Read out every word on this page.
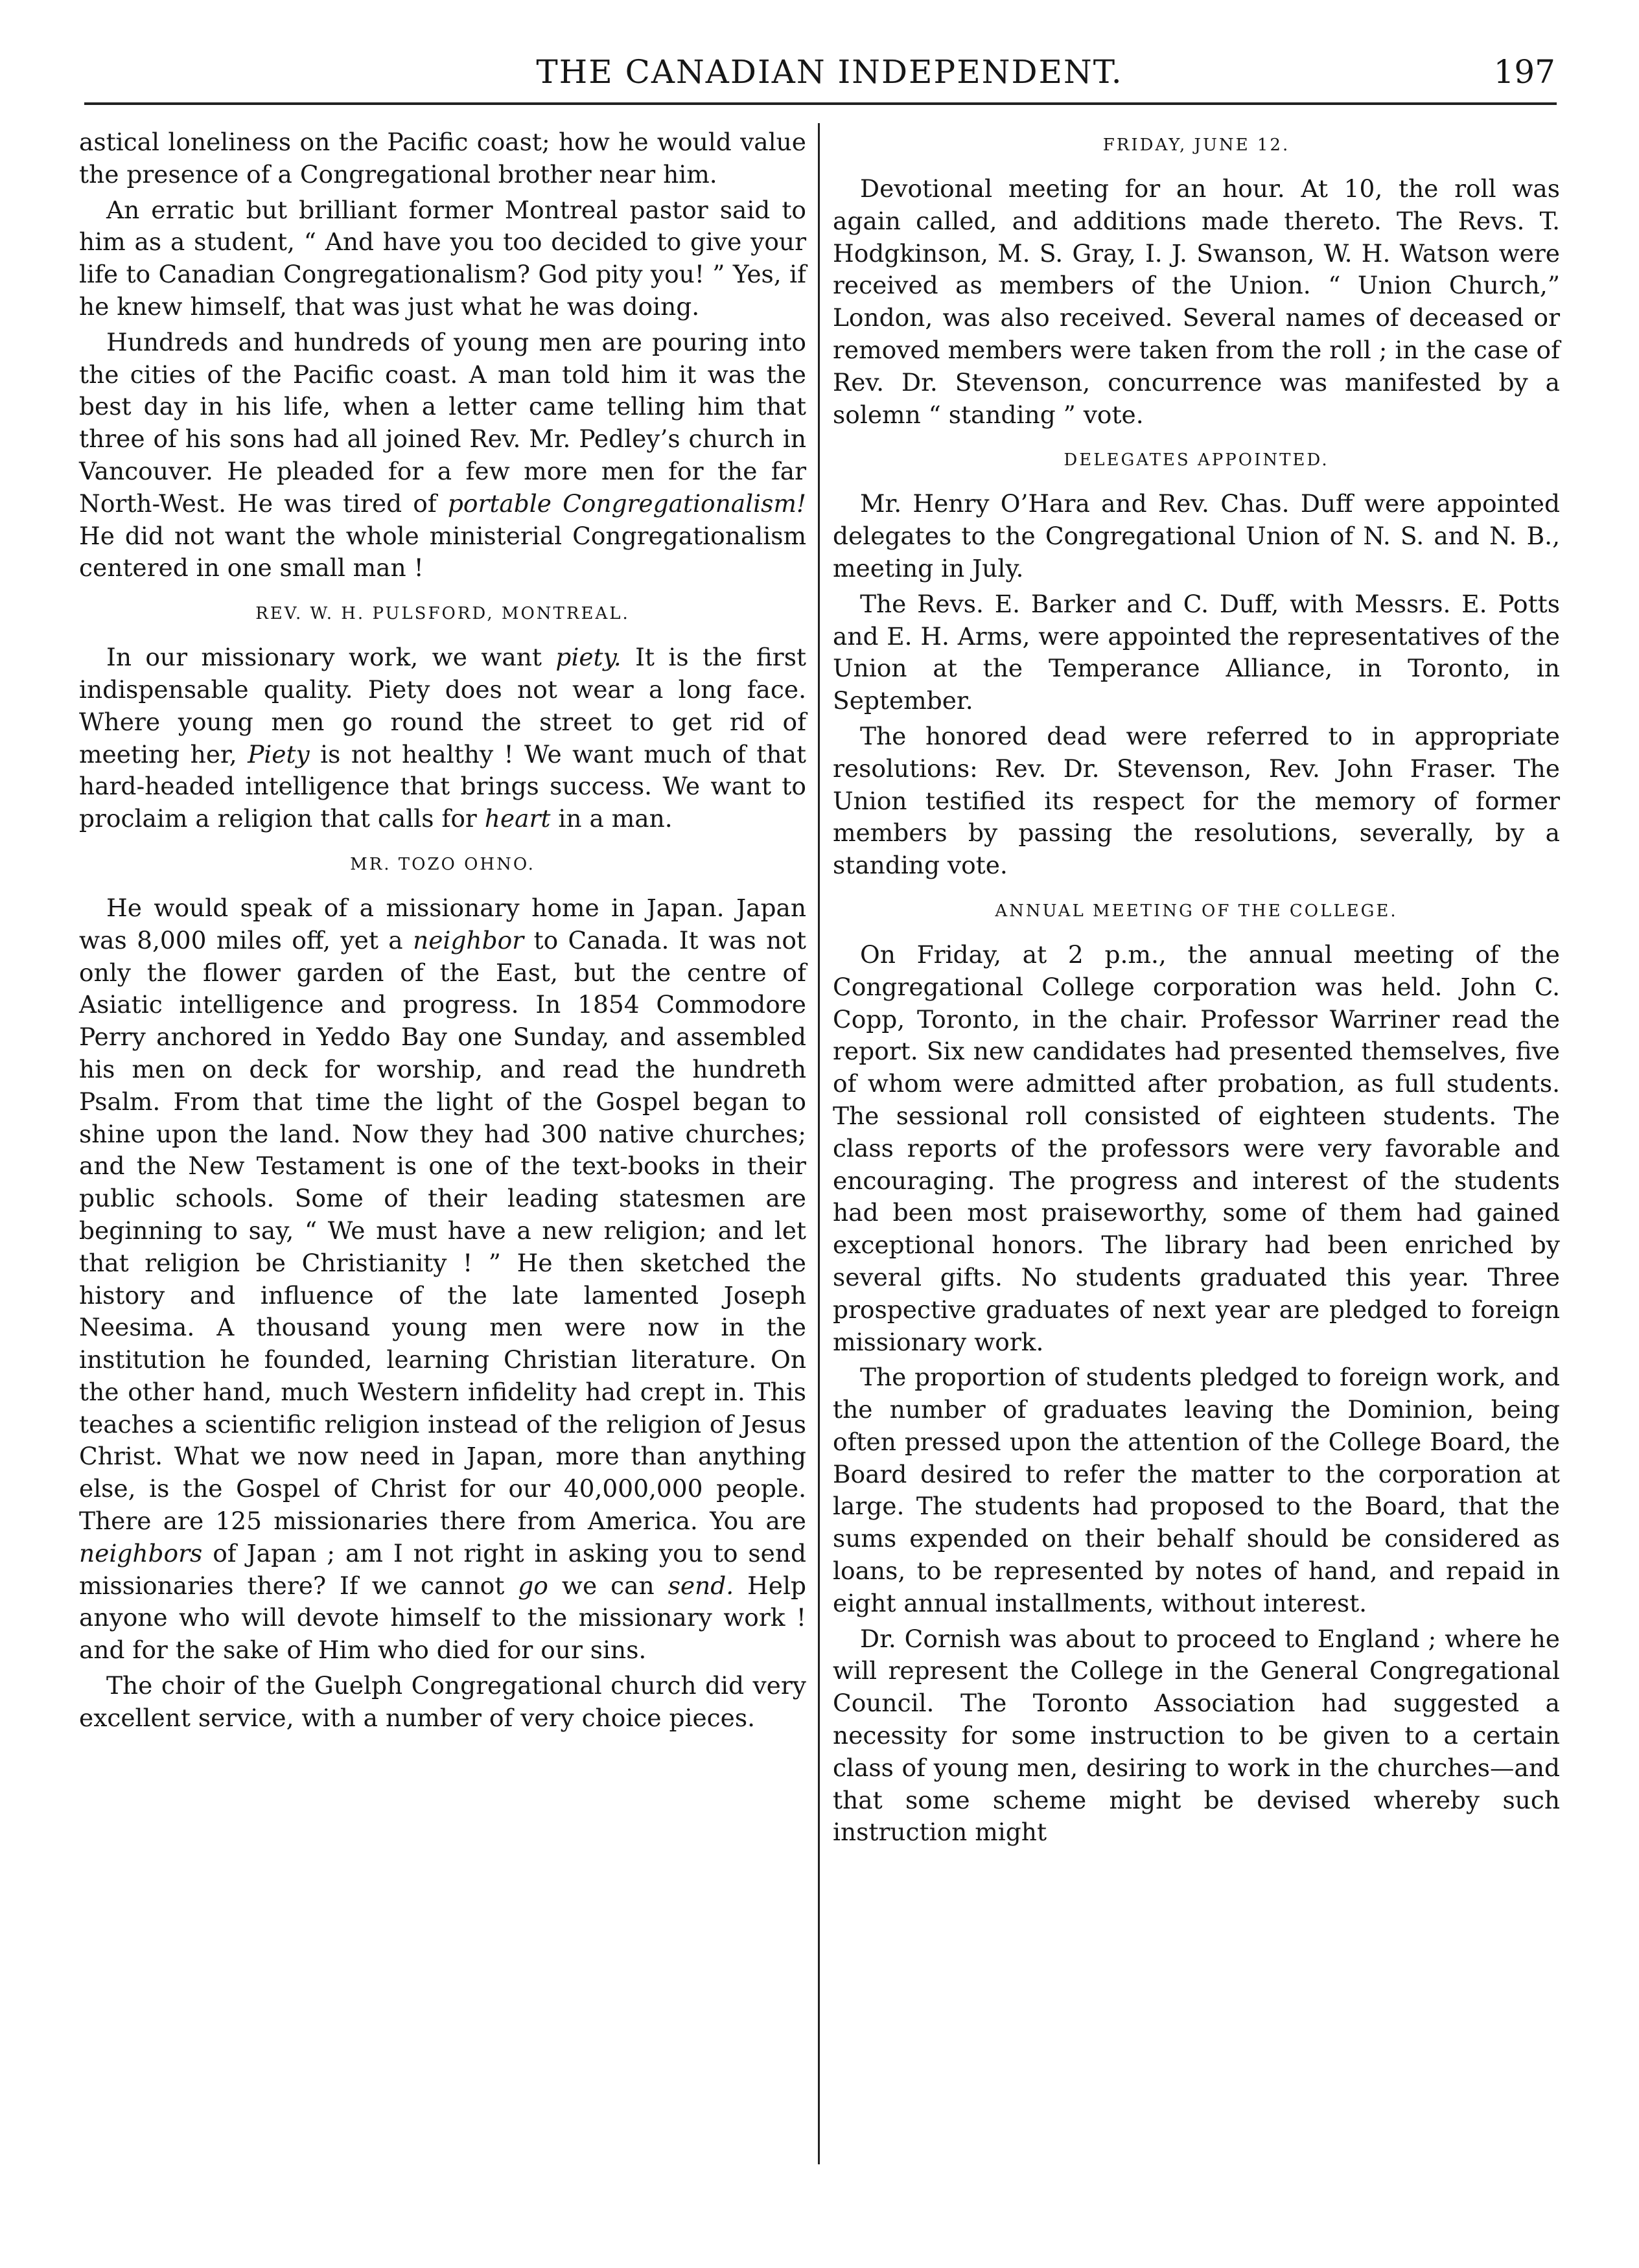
THE CANADIAN INDEPENDENT.	197

astical loneliness on the Pacific coast; how he would value the presence of a Congregational brother near him.

An erratic but brilliant former Montreal pastor said to him as a student, “ And have you too decided to give your life to Canadian Congregationalism? God pity you! ” Yes, if he knew himself, that was just what he was doing.

Hundreds and hundreds of young men are pouring into the cities of the Pacific coast. A man told him it was the best day in his life, when a letter came telling him that three of his sons had all joined Rev. Mr. Pedley’s church in Vancouver. He pleaded for a few more men for the far North-West. He was tired of portable Congregationalism! He did not want the whole ministerial Congregationalism centered in one small man !

REV. W. H. PULSFORD, MONTREAL.

In our missionary work, we want piety. It is the first indispensable quality. Piety does not wear a long face. Where young men go round the street to get rid of meeting her, Piety is not healthy ! We want much of that hard-headed intelligence that brings success. We want to proclaim a religion that calls for heart in a man.

MR. TOZO OHNO.

He would speak of a missionary home in Japan. Japan was 8,000 miles off, yet a neighbor to Canada. It was not only the flower garden of the East, but the centre of Asiatic intelligence and progress. In 1854 Commodore Perry anchored in Yeddo Bay one Sunday, and assembled his men on deck for worship, and read the hundreth Psalm. From that time the light of the Gospel began to shine upon the land. Now they had 300 native churches; and the New Testament is one of the text-books in their public schools. Some of their leading statesmen are beginning to say, “ We must have a new religion; and let that religion be Christianity ! ” He then sketched the history and influence of the late lamented Joseph Neesima. A thousand young men were now in the institution he founded, learning Christian literature. On the other hand, much Western infidelity had crept in. This teaches a scientific religion instead of the religion of Jesus Christ. What we now need in Japan, more than anything else, is the Gospel of Christ for our 40,000,000 people. There are 125 missionaries there from America. You are neighbors of Japan ; am I not right in asking you to send missionaries there? If we cannot go we can send. Help anyone who will devote himself to the missionary work ! and for the sake of Him who died for our sins.

The choir of the Guelph Congregational church did very excellent service, with a number of very choice pieces.

FRIDAY, JUNE 12.

Devotional meeting for an hour. At 10, the roll was again called, and additions made thereto. The Revs. T. Hodgkinson, M. S. Gray, I. J. Swanson, W. H. Watson were received as members of the Union. “ Union Church,” London, was also received. Several names of deceased or removed members were taken from the roll ; in the case of Rev. Dr. Stevenson, concurrence was manifested by a solemn “ standing ” vote.

DELEGATES APPOINTED.

Mr. Henry O’Hara and Rev. Chas. Duff were appointed delegates to the Congregational Union of N. S. and N. B., meeting in July.

The Revs. E. Barker and C. Duff, with Messrs. E. Potts and E. H. Arms, were appointed the representatives of the Union at the Temperance Alliance, in Toronto, in September.

The honored dead were referred to in appropriate resolutions: Rev. Dr. Stevenson, Rev. John Fraser. The Union testified its respect for the memory of former members by passing the resolutions, severally, by a standing vote.

ANNUAL MEETING OF THE COLLEGE.

On Friday, at 2 p.m., the annual meeting of the Congregational College corporation was held. John C. Copp, Toronto, in the chair. Professor Warriner read the report. Six new candidates had presented themselves, five of whom were admitted after probation, as full students. The sessional roll consisted of eighteen students. The class reports of the professors were very favorable and encouraging. The progress and interest of the students had been most praiseworthy, some of them had gained exceptional honors. The library had been enriched by several gifts. No students graduated this year. Three prospective graduates of next year are pledged to foreign missionary work.

The proportion of students pledged to foreign work, and the number of graduates leaving the Dominion, being often pressed upon the attention of the College Board, the Board desired to refer the matter to the corporation at large. The students had proposed to the Board, that the sums expended on their behalf should be considered as loans, to be represented by notes of hand, and repaid in eight annual installments, without interest.

Dr. Cornish was about to proceed to England ; where he will represent the College in the General Congregational Council. The Toronto Association had suggested a necessity for some instruction to be given to a certain class of young men, desiring to work in the churches—and that some scheme might be devised whereby such instruction might
